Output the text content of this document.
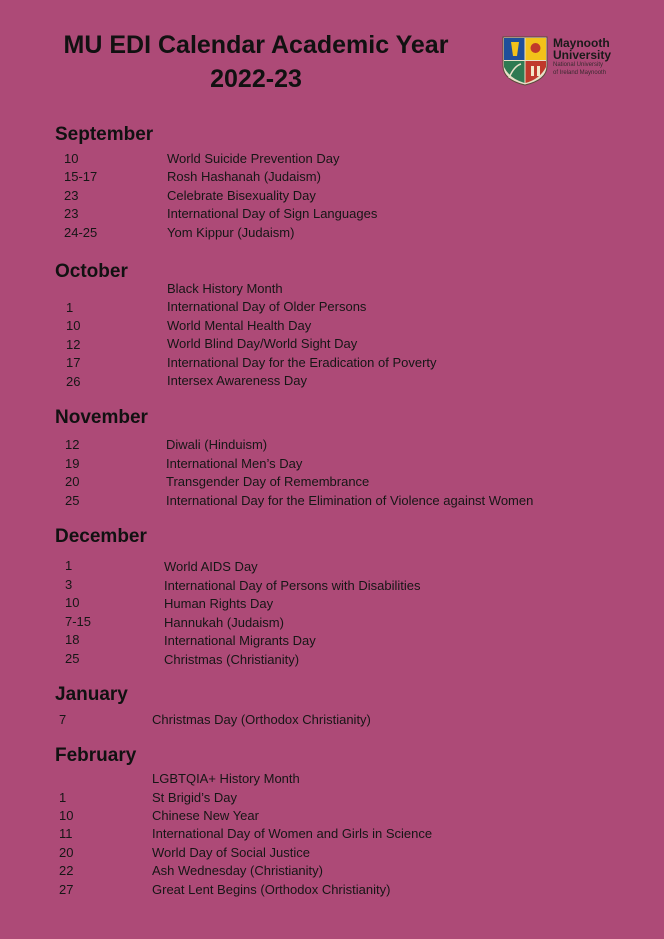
MU EDI Calendar Academic Year
2022-23
Maynooth
University
National University
of Ireland Maynooth
September
10	World Suicide Prevention Day
15-17	Rosh Hashanah (Judaism)
23	Celebrate Bisexuality Day
23	International Day of Sign Languages
24-25	Yom Kippur (Judaism)
October
Black History Month
1	International Day of Older Persons
10	World Mental Health Day
12	World Blind Day/World Sight Day
17	International Day for the Eradication of Poverty
26	Intersex Awareness Day
November
12	Diwali (Hinduism)
19	International Men’s Day
20	Transgender Day of Remembrance
25	International Day for the Elimination of Violence against Women
December
1	World AIDS Day
3	International Day of Persons with Disabilities
10	Human Rights Day
7-15	Hannukah (Judaism)
18	International Migrants Day
25	Christmas (Christianity)
January
7	Christmas Day (Orthodox Christianity)
February
LGBTQIA+ History Month
1	St Brigid’s Day
10	Chinese New Year
11	International Day of Women and Girls in Science
20	World Day of Social Justice
22	Ash Wednesday (Christianity)
27	Great Lent Begins (Orthodox Christianity)
